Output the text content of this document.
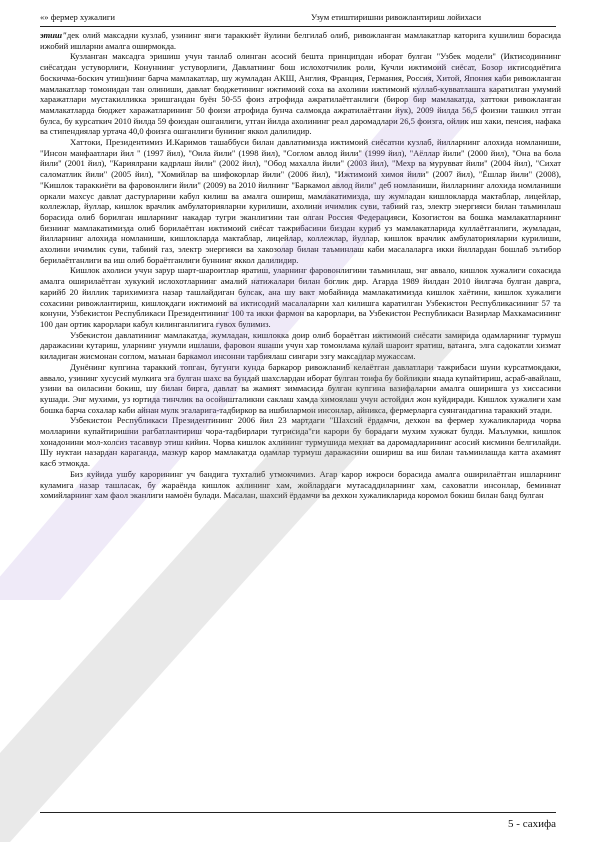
«» фермер хужалиги	Узум етиштиришни ривожлантириш лойихаси

этиш"дек олий максадни кузлаб, узининг янги тараккиёт йулини белгилаб олиб, ривожланган мамлакатлар каторига кушилиш борасида ижобий ишларни амалга оширмокда.

Кузланган максадга эришиш учун танлаб олинган асосий бешта принципдан иборат булган "Узбек модели" (Иктисодиннинг сиёсатдан устуворлиги, Конуннинг устуворлиги, Давлатнинг бош ислохотчилик роли, Кучли ижтимоий сиёсат, Бозор иктисодиётига боскичма-боскич утиш)нинг барча мамлакатлар, шу жумладан АКШ, Англия, Франция, Германия, Россия, Хитой, Япония каби ривожланган мамлакатлар томонидан тан олиниши, давлат бюджетининг ижтимоий соха ва ахолини ижтимоий куллаб-кувватлашга каратилган умумий харажатлари мустакилликка эришгандан буён 50-55 фоиз атрофида ажратилаётганлиги (бирор бир мамлакатда, хаттоки ривожланган мамлакатларда бюджет харажатларининг 50 фоизи атрофида бунча салмокда ажратилаётгани йук), 2009 йилда 56,5 фоизни ташкил этган булса, бу курсаткич 2010 йилда 59 фоиздан ошганлиги, утган йилда ахолининг реал даромадлари 26,5 фоизга, ойлик иш хаки, пенсия, нафака ва стипендиялар уртача 40,0 фоизга ошганлиги буниниг яккол далилидир.

Хаттоки, Президентимиз И.Каримов ташаббуси билан давлатимизда ижтимоий сиёсатни кузлаб, йилларнинг алохида номланиши, "Инсон манфаатлари йил " (1997 йил), "Оила йили" (1998 йил), "Соглом авлод йили" (1999 йил), "Аёллар йили" (2000 йил), "Она ва бола йили" (2001 йил), "Кариялрани кадрлаш йили" (2002 йил), "Обод махалла йили" (2003 йил), "Мехр ва мурувват йили" (2004 йил), "Сихат саломатлик йили" (2005 йил), "Хомийлар ва шифокорлар йили" (2006 йил), "Ижтимоий химоя йили" (2007 йил), "Ёшлар йили" (2008), "Кишлок тараккиёти ва фаровонлиги йили" (2009) ва 2010 йилнинг "Баркамол авлод йили" деб номланиши, йилларнинг алохида номланиши оркали махсус давлат дастурларини кабул килиш ва амалга ошириш, мамлакатимизда, шу жумладан кишлокларда мактаблар, лицейлар, коллежлар, йуллар, кишлок врачлик амбулаторияларни курилиши, ахолини ичимлик суви, табиий газ, электр энергияси билан таъминлаш борасида олиб борилган ишларнинг накадар тугри эканлигини тан олган Россия Федерацияси, Козогистон ва бошка мамлакатларнинг бизнинг мамлакатимизда олиб борилаётган ижтимоий сиёсат тажрибасини биздан куриб уз мамлакатларида куллаётганлиги, жумладан, йилларнинг алохида номланиши, кишлокларда мактаблар, лицейлар, коллежлар, йуллар, кишлок врачлик амбулаторияларни курилиши, ахолини ичимлик суви, табиий газ, электр энергияси ва хакозолар билан таъминлаш каби масалаларга икки йиллардан бошлаб эътибор берилаётганлиги ва иш олиб бораётганлиги буннинг яккол далилидир.

Кишлок ахолиси учун зарур шарт-шароитлар яратиш, уларнинг фаровонлигини таъминлаш, энг аввало, кишлок хужалиги сохасида амалга оширилаётган хукукий ислохотларнинг амалий натижалари билан боглик дир. Агарда 1989 йилдан 2010 йилгача булган даврга, карийб 20 йиллик тарихимизга назар ташлайдиган булсак, ана шу вакт мобайнида мамлакатимизда кишлок хаётини, кишлок хужалиги сохасини ривожлантириш, кишлокдаги ижтимоий ва иктисодий масалаларни хал килишга каратилган Узбекистон Республикасининг 57 та конуни, Узбекистон Республикаси Президентининг 100 та икки фармон ва карорлари, ва Узбекистон Республикаси Вазирлар Махкамасининг 100 дан ортик карорлари кабул килинганлигига гувох булимиз.

Узбекистон давлатининг мамлакатда, жумладан, кишлокка доир олиб бораётган ижтимоий сиёсати замирида одамларнинг турмуш даражасини кутариш, уларнинг унумли ишлаши, фаровон яшаши учун хар томонлама кулай шароит яратиш, ватанга, элга садокатли хизмат киладиган жисмонан соглом, маънан баркамол инсонни тарбиялаш сингари эзгу максадлар мужассам.

Дунёнинг купгина тараккий топган, бугунги кунда баркарор ривожланиб келаётган давлатлари тажрибаси шуни курсатмокдаки, аввало, узининг хусусий мулкига эга булган шахс ва бундай шахслардан иборат булган тоифа бу бойликни янада купайтириш, асраб-авайлаш, узини ва оиласини бокиш, шу билан бирга, давлат ва жамият зиммасида булган купгина вазифаларни амалга оширишга уз хиссасини кушади. Энг мухими, уз юртида тинчлик ва осойишталикни саклаш хамда химоялаш учун астойдил жон куйдиради. Кишлок хужалиги хам бошка барча сохалар каби айнан мулк эгаларига-тадбиркор ва ишбилармон инсонлар, айникса, фермерларга суянгандагина тараккий этади.

Узбекистон Республикаси Президентининг 2006 йил 23 мартдаги "Шахсий ёрдамчи, дехкон ва фермер хужаликларида чорва молларини купайтиришни рагбатлантириш чора-тадбирлари тугрисида"ги карори бу борадаги мухим хужжат булди. Маълумки, кишлок хонадонини мол-холсиз тасаввур этиш кийин. Чорва кишлок ахлининг турмушида мехнат ва даромадларининг асосий кисмини белгилайди. Шу нуктаи назардан караганда, мазкур карор мамлакатда одамлар турмуш даражасини ошириш ва иш билан таъминлашда катта ахамият касб этмокда.

Биз куйида ушбу карорининг уч бандига тухталиб утмокчимиз. Агар карор ижроси борасида амалга оширилаётган ишларнинг куламига назар ташласак, бу жараёнда кишлок ахлининг хам, жойлардаги мутасаддиларнинг хам, саховатли инсонлар, беминнат хомийларнинг хам фаол эканлиги намоён булади. Масалан, шахсий ёрдамчи ва дехкон хужаликларида коромол бокиш билан банд булган

5 - сахифа
